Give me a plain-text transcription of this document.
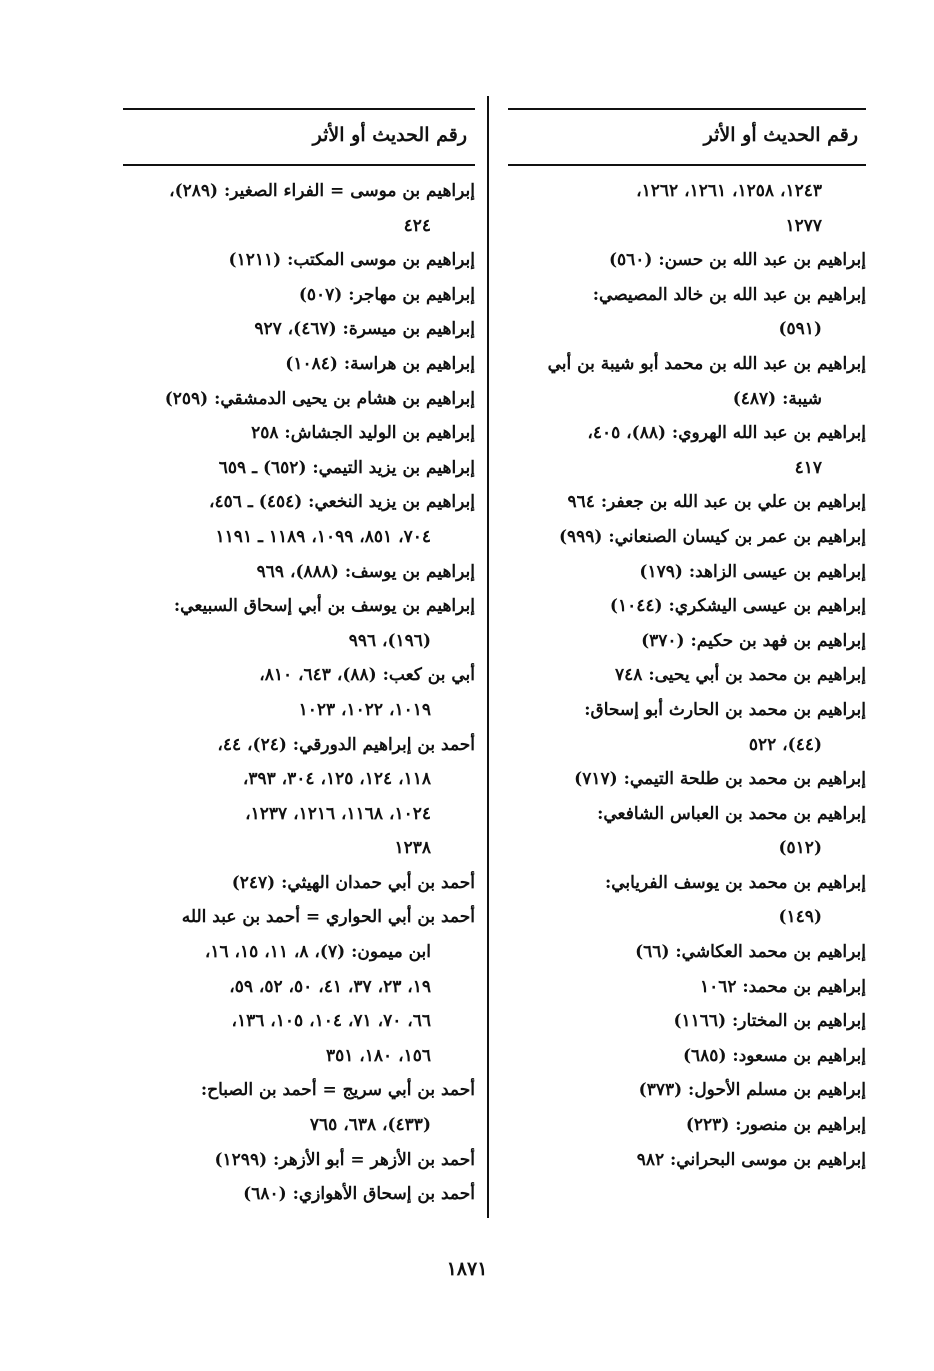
رقم الحديث أو الأثر
١٢٤٣، ١٢٥٨، ١٢٦١، ١٢٦٢،
١٢٧٧
إبراهيم بن عبد الله بن حسن: (٥٦٠)
إبراهيم بن عبد الله بن خالد المصيصي:
(٥٩١)
إبراهيم بن عبد الله بن محمد أبو شيبة بن أبي
شيبة: (٤٨٧)
إبراهيم بن عبد الله الهروي: (٨٨)، ٤٠٥،
٤١٧
إبراهيم بن علي بن عبد الله بن جعفر: ٩٦٤
إبراهيم بن عمر بن كيسان الصنعاني: (٩٩٩)
إبراهيم بن عيسى الزاهد: (١٧٩)
إبراهيم بن عيسى اليشكري: (١٠٤٤)
إبراهيم بن فهد بن حكيم: (٣٧٠)
إبراهيم بن محمد بن أبي يحيى: ٧٤٨
إبراهيم بن محمد بن الحارث أبو إسحاق:
(٤٤)، ٥٢٢
إبراهيم بن محمد بن طلحة التيمي: (٧١٧)
إبراهيم بن محمد بن العباس الشافعي:
(٥١٢)
إبراهيم بن محمد بن يوسف الفريابي:
(١٤٩)
إبراهيم بن محمد العكاشي: (٦٦)
إبراهيم بن محمد: ١٠٦٢
إبراهيم بن المختار: (١١٦٦)
إبراهيم بن مسعود: (٦٨٥)
إبراهيم بن مسلم الأحول: (٣٧٣)
إبراهيم بن منصور: (٢٢٣)
إبراهيم بن موسى البحراني: ٩٨٢
رقم الحديث أو الأثر
إبراهيم بن موسى = الفراء الصغير: (٢٨٩)،
٤٢٤
إبراهيم بن موسى المكتب: (١٢١١)
إبراهيم بن مهاجر: (٥٠٧)
إبراهيم بن ميسرة: (٤٦٧)، ٩٢٧
إبراهيم بن هراسة: (١٠٨٤)
إبراهيم بن هشام بن يحيى الدمشقي: (٢٥٩)
إبراهيم بن الوليد الجشاش: ٢٥٨
إبراهيم بن يزيد التيمي: (٦٥٢) ـ ٦٥٩
إبراهيم بن يزيد النخعي: (٤٥٤) ـ ٤٥٦،
٧٠٤، ٨٥١، ١٠٩٩، ١١٨٩ ـ ١١٩١
إبراهيم بن يوسف: (٨٨٨)، ٩٦٩
إبراهيم بن يوسف بن أبي إسحاق السبيعي:
(١٩٦)، ٩٩٦
أبي بن كعب: (٨٨)، ٦٤٣، ٨١٠،
١٠١٩، ١٠٢٢، ١٠٢٣
أحمد بن إبراهيم الدورقي: (٢٤)، ٤٤،
١١٨، ١٢٤، ١٢٥، ٣٠٤، ٣٩٣،
١٠٢٤، ١١٦٨، ١٢١٦، ١٢٣٧،
١٢٣٨
أحمد بن أبي حمدان الهيثي: (٢٤٧)
أحمد بن أبي الحواري = أحمد بن عبد الله
ابن ميمون: (٧)، ٨، ١١، ١٥، ١٦،
١٩، ٢٣، ٣٧، ٤١، ٥٠، ٥٢، ٥٩،
٦٦، ٧٠، ٧١، ١٠٤، ١٠٥، ١٣٦،
١٥٦، ١٨٠، ٣٥١
أحمد بن أبي سريج = أحمد بن الصباح:
(٤٣٣)، ٦٣٨، ٧٦٥
أحمد بن الأزهر = أبو الأزهر: (١٢٩٩)
أحمد بن إسحاق الأهوازي: (٦٨٠)
١٨٧١
